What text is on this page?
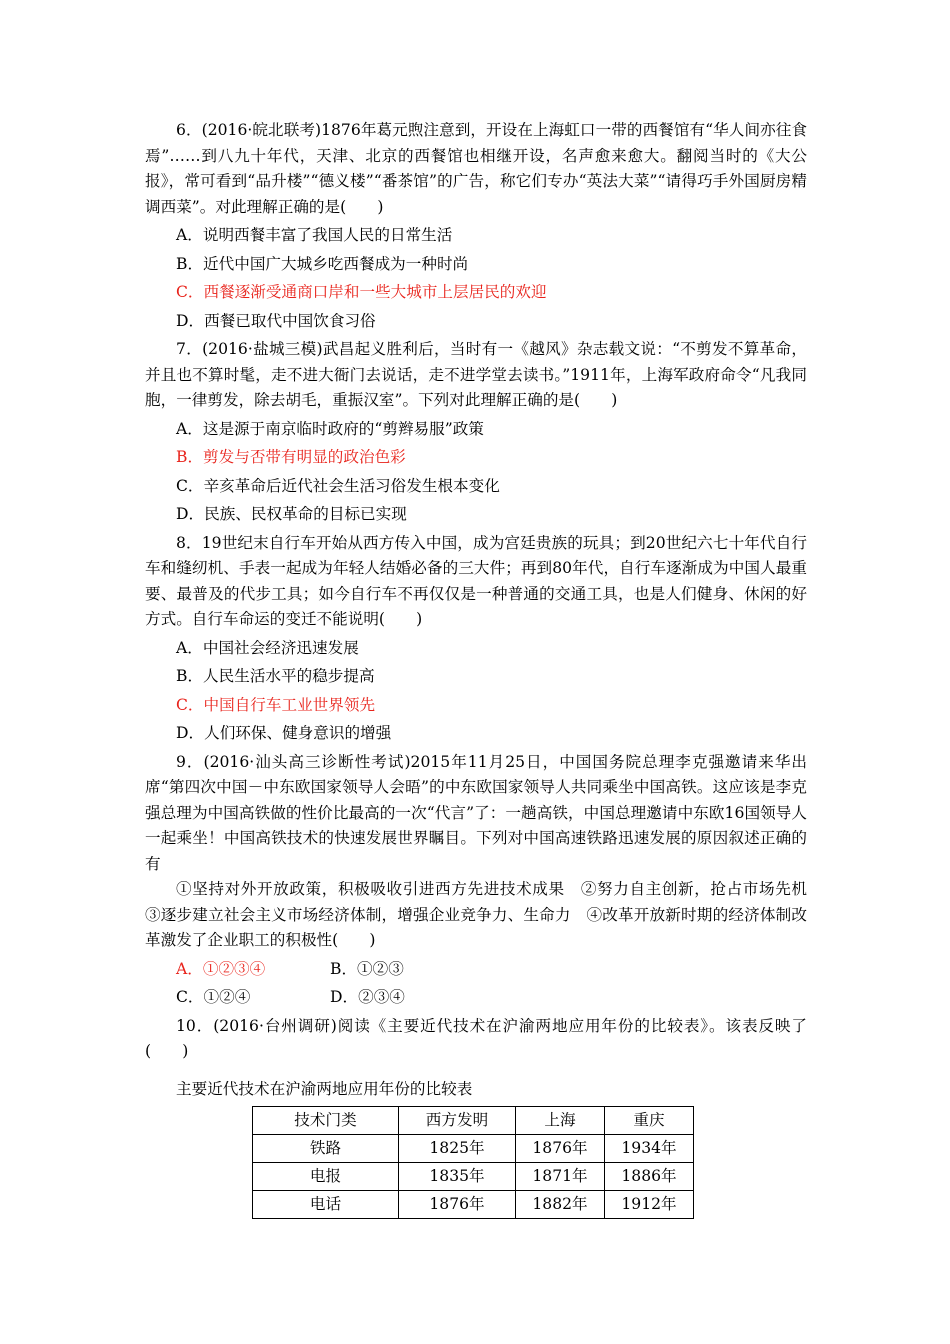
6．(2016·皖北联考)1876年葛元煦注意到，开设在上海虹口一带的西餐馆有“华人间亦往食焉”……到八九十年代，天津、北京的西餐馆也相继开设，名声愈来愈大。翻阅当时的《大公报》，常可看到“品升楼”“德义楼”“番茶馆”的广告，称它们专办“英法大菜”“请得巧手外国厨房精调西菜”。对此理解正确的是(　　)

A．说明西餐丰富了我国人民的日常生活
B．近代中国广大城乡吃西餐成为一种时尚
C．西餐逐渐受通商口岸和一些大城市上层居民的欢迎
D．西餐已取代中国饮食习俗

7．(2016·盐城三模)武昌起义胜利后，当时有一《越风》杂志载文说：“不剪发不算革命，并且也不算时髦，走不进大衙门去说话，走不进学堂去读书。”1911年，上海军政府命令“凡我同胞，一律剪发，除去胡毛，重振汉室”。下列对此理解正确的是(　　)

A．这是源于南京临时政府的“剪辫易服”政策
B．剪发与否带有明显的政治色彩
C．辛亥革命后近代社会生活习俗发生根本变化
D．民族、民权革命的目标已实现

8．19世纪末自行车开始从西方传入中国，成为宫廷贵族的玩具；到20世纪六七十年代自行车和缝纫机、手表一起成为年轻人结婚必备的三大件；再到80年代，自行车逐渐成为中国人最重要、最普及的代步工具；如今自行车不再仅仅是一种普通的交通工具，也是人们健身、休闲的好方式。自行车命运的变迁不能说明(　　)

A．中国社会经济迅速发展
B．人民生活水平的稳步提高
C．中国自行车工业世界领先
D．人们环保、健身意识的增强

9．(2016·汕头高三诊断性考试)2015年11月25日，中国国务院总理李克强邀请来华出席“第四次中国－中东欧国家领导人会晤”的中东欧国家领导人共同乘坐中国高铁。这应该是李克强总理为中国高铁做的性价比最高的一次“代言”了：一趟高铁，中国总理邀请中东欧16国领导人一起乘坐！中国高铁技术的快速发展世界瞩目。下列对中国高速铁路迅速发展的原因叙述正确的有

①坚持对外开放政策，积极吸收引进西方先进技术成果　②努力自主创新，抢占市场先机　③逐步建立社会主义市场经济体制，增强企业竞争力、生命力　④改革开放新时期的经济体制改革激发了企业职工的积极性(　　)

A．①②③④	B．①②③
C．①②④	D．②③④

10．(2016·台州调研)阅读《主要近代技术在沪渝两地应用年份的比较表》。该表反映了(　　)

主要近代技术在沪渝两地应用年份的比较表
技术门类	西方发明	上海	重庆
铁路	1825年	1876年	1934年
电报	1835年	1871年	1886年
电话	1876年	1882年	1912年
